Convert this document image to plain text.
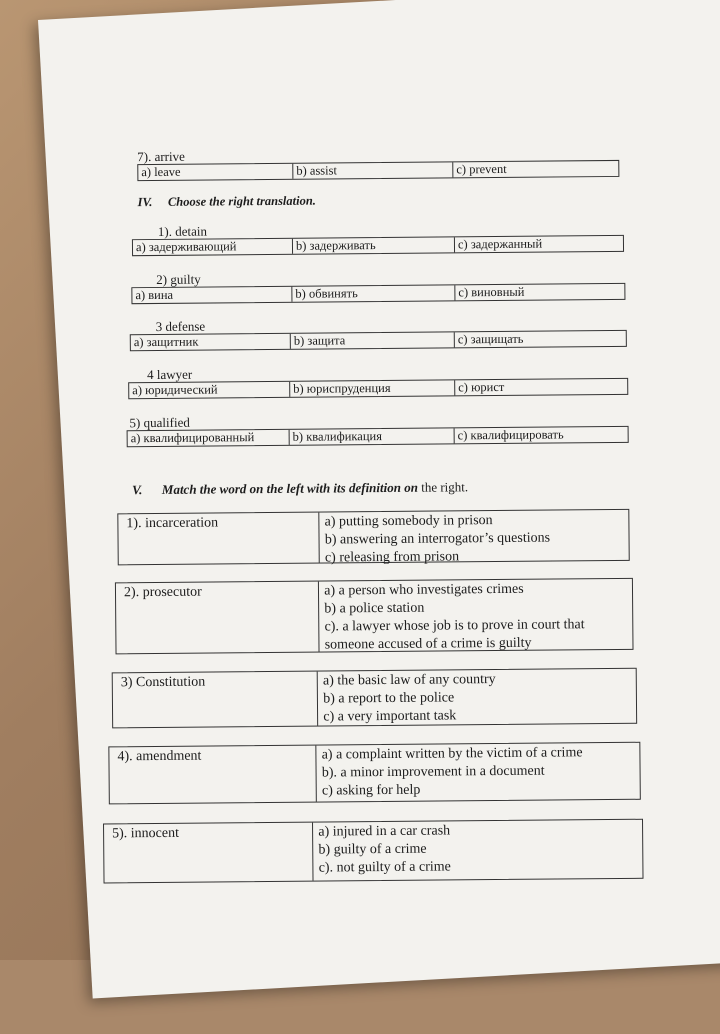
7). arrive
a) leave	b) assist	c) prevent
IV. Choose the right translation.
1). detain
а) задерживающий	b) задерживать	с) задержанный
2) guilty
а) вина	b) обвинять	с) виновный
3 defense
а) защитник	b) защита	с) защищать
4 lawyer
а) юридический	b) юриспруденция	с) юрист
5) qualified
а) квалифицированный	b) квалификация	с) квалифицировать
V. Match the word on the left with its definition on the right.
1). incarceration	a) putting somebody in prison
b) answering an interrogator’s questions
c) releasing from prison
2). prosecutor	a) a person who investigates crimes
b) a police station
c). a lawyer whose job is to prove in court that
someone accused of a crime is guilty
3) Constitution	a) the basic law of any country
b) a report to the police
c) a very important task
4). amendment	a) a complaint written by the victim of a crime
b). a minor improvement in a document
c) asking for help
5). innocent	a) injured in a car crash
b) guilty of a crime
c). not guilty of a crime
